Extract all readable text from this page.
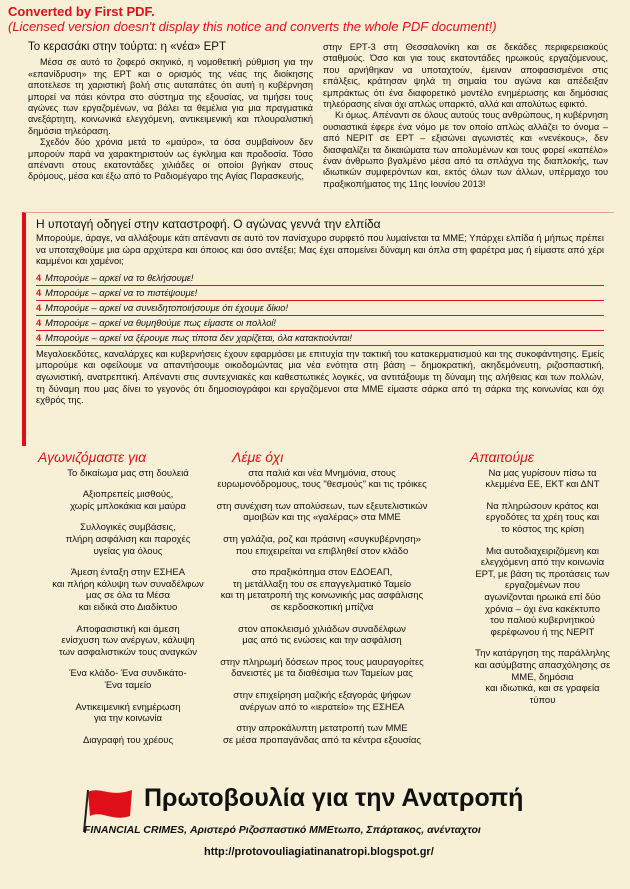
Converted by First PDF.
(Licensed version doesn't display this notice and converts the whole PDF document!)
Το κερασάκι στην τούρτα: η «νέα» ΕΡΤ

Μέσα σε αυτό το ζοφερό σκηνικό, η νομοθετική ρύθμιση για την «επανίδρυση» της ΕΡΤ και ο ορισμός της νέας της διοίκησης αποτελεσε τη χαριστική βολή στις αυταπάτες ότι αυτή η κυβέρνηση μπορεί να πάει κόντρα στο σύστημα της εξουσίας, να τιμήσει τους αγώνες των εργαζομένων, να βάλει τα θεμέλια για μια πραγματικά ανεξάρτητη, κοινωνικά ελεγχόμενη, αντικειμενική και πλουραλιστική δημόσια τηλεόραση.

Σχεδόν δύο χρόνια μετά το «μαύρο», τα όσα συμβαίνουν δεν μπορούν παρά να χαρακτηριστούν ως έγκλημα και προδοσία. Τόσο απέναντι στους εκατοντάδες χιλιάδες οι οποίοι βγήκαν στους δρόμους, μέσα και έξω από το Ραδιομέγαρο της Αγίας Παρασκευής,

στην ΕΡΤ-3 στη Θεσσαλονίκη και σε δεκάδες περιφερειακούς σταθμούς. Όσο και για τους εκατοντάδες ηρωικούς εργαζόμενους, που αρνήθηκαν να υποταχτούν, έμειναν αποφασισμένοι στις επάλξεις, κράτησαν ψηλά τη σημαία του αγώνα και απέδειξαν εμπράκτως ότι ένα διαφορετικό μοντέλο ενημέρωσης και δημόσιας τηλεόρασης είναι όχι απλώς υπαρκτό, αλλά και απολύτως εφικτό.

Κι όμως. Απέναντι σε όλους αυτούς τους ανθρώπους, η κυβέρνηση ουσιαστικά έφερε ένα νόμο με τον οποίο απλώς αλλάζει το όνομα – από ΝΕΡΙΤ σε ΕΡΤ – εξισώνει αγωνιστές και «νενέκους», δεν διασφαλίζει τα δικαιώματα των απολυμένων και τους φορεί «καπέλο» έναν άνθρωπο βγαλμένο μέσα από τα σπλάχνα της διαπλοκής, των ιδιωτικών συμφερόντων και, εκτός όλων των άλλων, υπέρμαχο του πραξικοπήματος της 11ης Ιουνίου 2013!

Η υποταγή οδηγεί στην καταστροφή. Ο αγώνας γεννά την ελπίδα

Μπορούμε, άραγε, να αλλάξουμε κάτι απέναντι σε αυτό τον πανίσχυρο συρφετό που λυμαίνεται τα ΜΜΕ; Υπάρχει ελπίδα ή μήπως πρέπει να υποταχθούμε μια ώρα αρχύτερα και όποιος και όσο αντέξει; Μας έχει απομείνει δύναμη και όπλα στη φαρέτρα μας ή είμαστε από χέρι καμμένοι και χαμένοι;

4 Μπορούμε – αρκεί να το θελήσουμε!
4 Μπορούμε – αρκεί να το πιστέψουμε!
4 Μπορούμε – αρκεί να συνειδητοποιήσουμε ότι έχουμε δίκιο!
4 Μπορούμε – αρκεί να θυμηθούμε πως είμαστε οι πολλοί!
4 Μπορούμε – αρκεί να ξέρουμε πως τίποτα δεν χαρίζεται, όλα κατακτιούνται!

Μεγαλοεκδότες, καναλάρχες και κυβερνήσεις έχουν εφαρμόσει με επιτυχία την τακτική του κατακερματισμού και της συκοφάντησης. Εμείς μπορούμε και οφείλουμε να απαντήσουμε οικοδομώντας μια νέα ενότητα στη βάση – δημοκρατική, ακηδεμόνευτη, ριζοσπαστική, αγωνιστική, ανατρεπτική. Απέναντι στις συντεχνιακές και καθεστωτικές λογικές, να αντιτάξουμε τη δύναμη της αλήθειας και των πολλών, τη δύναμη που μας δίνει το γεγονός ότι δημοσιογράφοι και εργαζόμενοι στα ΜΜΕ είμαστε σάρκα από τη σάρκα της κοινωνίας και όχι εχθρός της.

Αγωνιζόμαστε για
Το δικαίωμα μας στη δουλειά
Αξιοπρεπείς μισθούς,
χωρίς μπλοκάκια και μαύρα
Συλλογικές συμβάσεις,
πλήρη ασφάλιση και παροχές
υγείας για όλους
Άμεση ένταξη στην ΕΣΗΕΑ
και πλήρη κάλυψη των συναδέλφων
μας σε όλα τα Μέσα
και ειδικά στο Διαδίκτυο
Αποφασιστική και άμεση
ενίσχυση των ανέργων, κάλυψη
των ασφαλιστικών τους αναγκών
Ένα κλάδο- Ένα συνδικάτο-
Ένα ταμείο
Αντικειμενική ενημέρωση
για την κοινωνία
Διαγραφή του χρέους
Λέμε όχι
στα παλιά και νέα Μνημόνια, στους ευρωμονόδρομους, τους "θεσμούς" και τις τρόικες
στη συνέχιση των απολύσεων, των εξευτελιστικών
αμοιβών και της «γαλέρας» στα ΜΜΕ
στη γαλάζια, ροζ και πράσινη «συγκυβέρνηση»
που επιχειρείται να επιβληθεί στον κλάδο
στο πραξικόπημα στον ΕΔΟΕΑΠ,
τη μετάλλαξη του σε επαγγελματικό Ταμείο
και τη μετατροπή της κοινωνικής μας ασφάλισης
σε κερδοσκοπική μπίζνα
στον αποκλεισμό χιλιάδων συναδέλφων
μας από τις ενώσεις και την ασφάλιση
στην πληρωμή δόσεων προς τους μαυραγορίτες
δανειστές με τα διαθέσιμα των Ταμείων μας
στην επιχείρηση μαζικής εξαγοράς ψήφων
ανέργων από το «ιερατείο» της ΕΣΗΕΑ
στην απροκάλυπτη μετατροπή των ΜΜΕ
σε μέσα προπαγάνδας από τα κέντρα εξουσίας
Απαιτούμε
Να μας γυρίσουν πίσω τα
κλεμμένα ΕΕ, ΕΚΤ και ΔΝΤ
Να πληρώσουν κράτος και
εργοδότες τα χρέη τους και
το κόστος της κρίση
Μια αυτοδιαχειριζόμενη και
ελεγχόμενη από την κοινωνία ΕΡΤ, με βάση τις προτάσεις των εργαζομένων που
αγωνίζονται ηρωικά επί δύο
χρόνια – όχι ένα κακέκτυπο
του παλιού κυβερνητικού
φερέφωνου ή της ΝΕΡΙΤ
Την κατάργηση της παράλληλης και ασύμβατης απασχόλησης σε ΜΜΕ, δημόσια
και ιδιωτικά, και σε γραφεία
τύπου
Πρωτοβουλία για την Ανατροπή
FINANCIAL CRIMES, Αριστερό Ριζοσπαστικό ΜΜΕτωπο, Σπάρτακος, ανένταχτοι
http://protovouliagiatinanatropi.blogspot.gr/
